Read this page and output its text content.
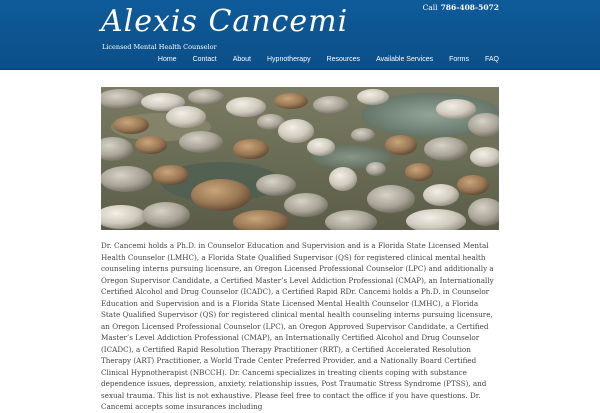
Alexis Cancemi
Licensed Mental Health Counselor
Call 786-408-5072
Home	Contact	About	Hypnotherapy	Resources	Available Services	Forms	FAQ

Dr. Cancemi holds a Ph.D. in Counselor Education and Supervision and is a Florida State Licensed Mental Health Counselor (LMHC), a Florida State Qualified Supervisor (QS) for registered clinical mental health counseling interns pursuing licensure, an Oregon Licensed Professional Counselor (LPC) and additionally a Oregon Supervisor Candidate, a Certified Master’s Level Addiction Professional (CMAP), an Internationally Certified Alcohol and Drug Counselor (ICADC), a Certified Rapid RDr. Cancemi holds a Ph.D. in Counselor Education and Supervision and is a Florida State Licensed Mental Health Counselor (LMHC), a Florida State Qualified Supervisor (QS) for registered clinical mental health counseling interns pursuing licensure, an Oregon Licensed Professional Counselor (LPC), an Oregon Approved Supervisor Candidate, a Certified Master’s Level Addiction Professional (CMAP), an Internationally Certified Alcohol and Drug Counselor (ICADC), a Certified Rapid Resolution Therapy Practitioner (RRT), a Certified Accelerated Resolution Therapy (ART) Practitioner, a World Trade Center Preferred Provider, and a Nationally Board Certified Clinical Hypnotherapist (NBCCH). Dr. Cancemi specializes in treating clients coping with substance dependence issues, depression, anxiety, relationship issues, Post Traumatic Stress Syndrome (PTSS), and sexual trauma. This list is not exhaustive. Please feel free to contact the office if you have questions. Dr. Cancemi accepts some insurances including
